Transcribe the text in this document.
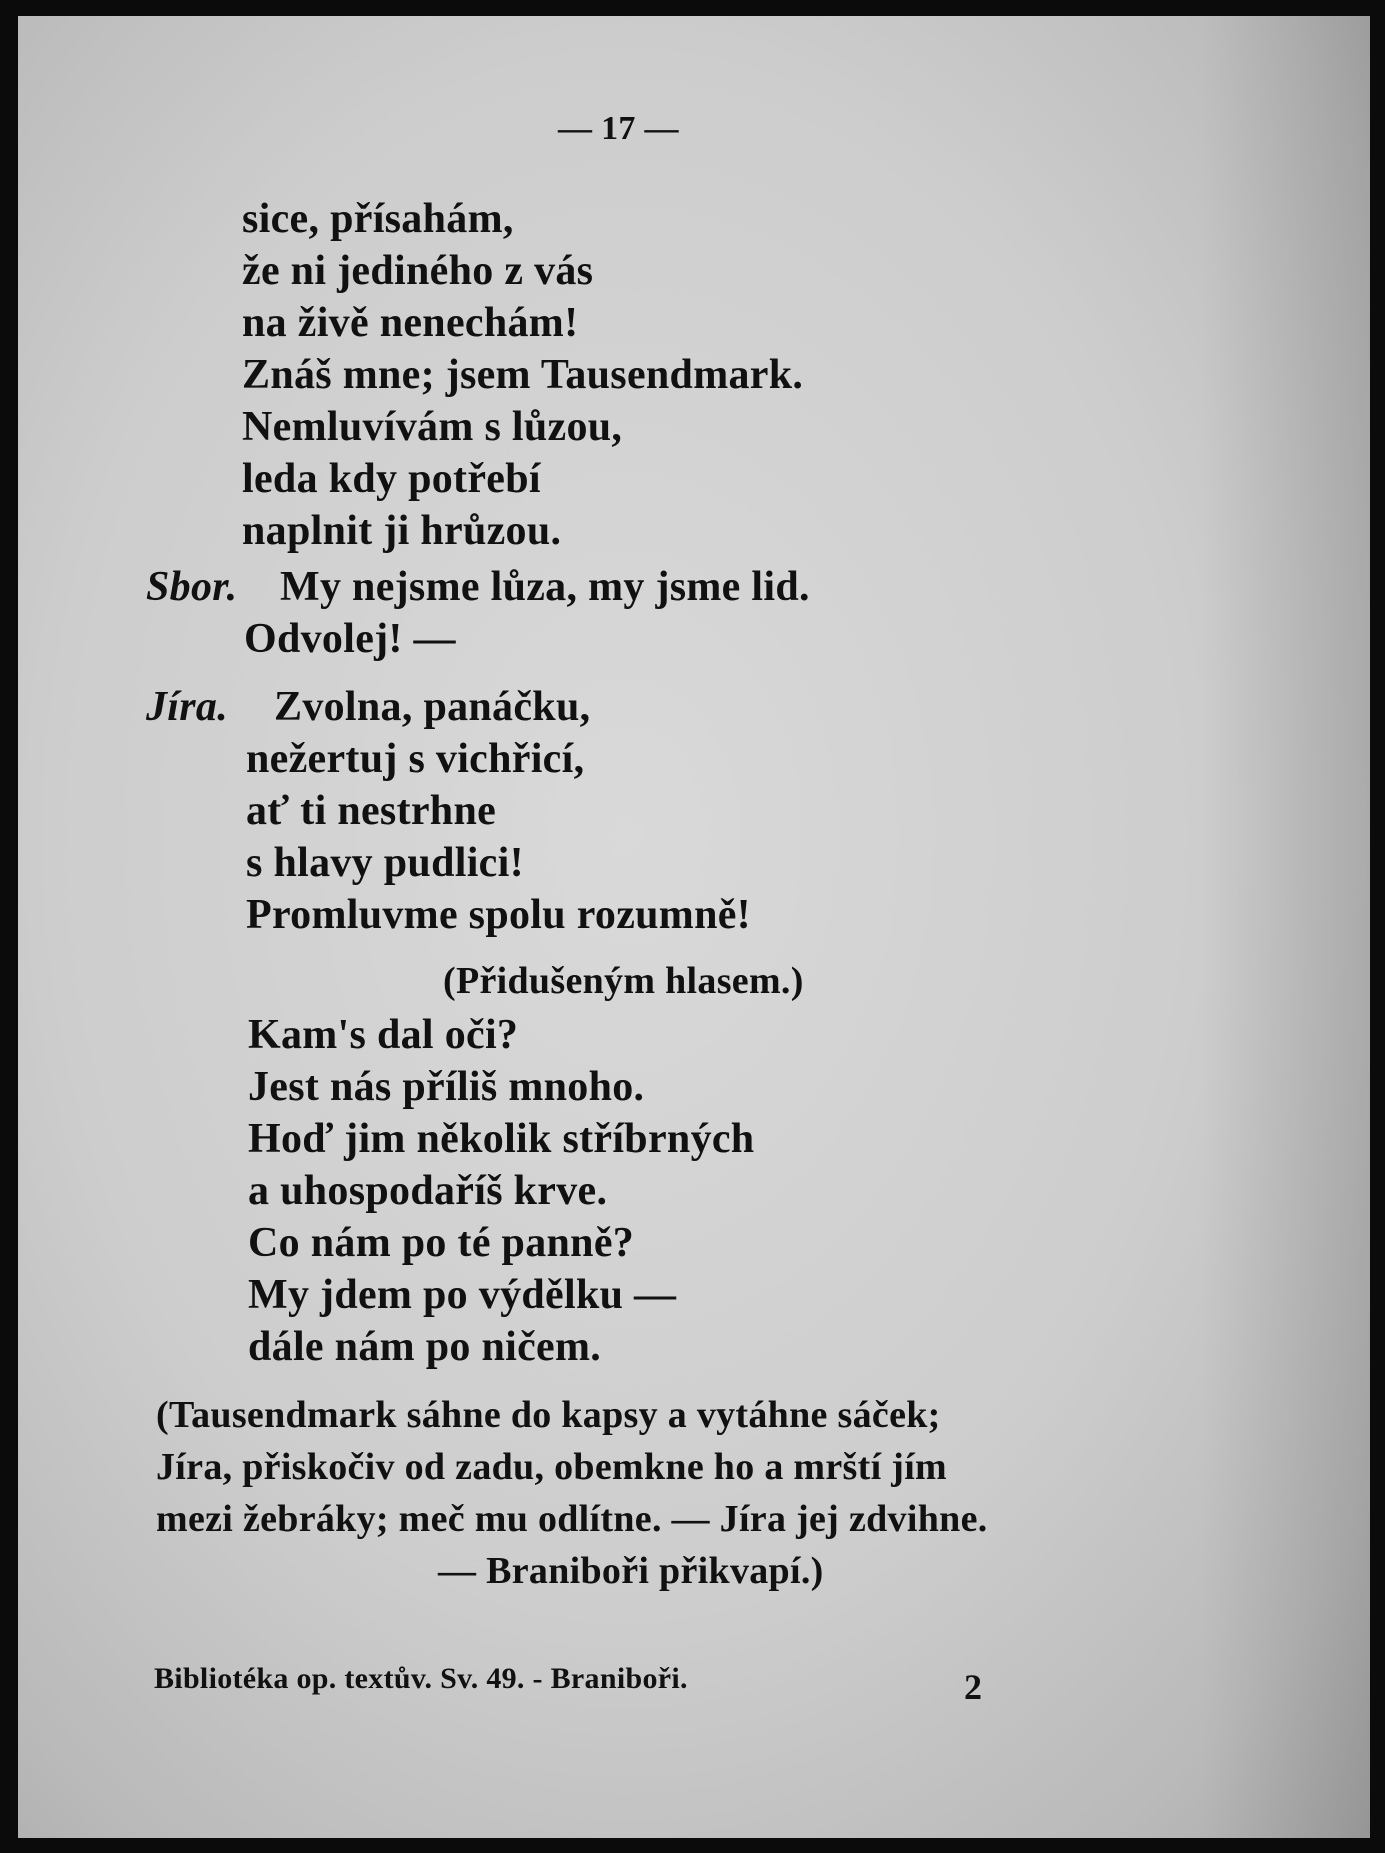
— 17 —
sice, přísahám,
že ni jediného z vás
na živě nenechám!
Znáš mne; jsem Tausendmark.
Nemluvívám s lůzou,
leda kdy potřebí
naplnit ji hrůzou.
Sbor. My nejsme lůza, my jsme lid.
Odvolej! —
Jíra. Zvolna, panáčku,
nežertuj s vichřicí,
ať ti nestrhne
s hlavy pudlici!
Promluvme spolu rozumně!
(Přidušeným hlasem.)
Kam's dal oči?
Jest nás příliš mnoho.
Hoď jim několik stříbrných
a uhospodaříš krve.
Co nám po té panně?
My jdem po výdělku —
dále nám po ničem.
(Tausendmark sáhne do kapsy a vytáhne sáček;
Jíra, přiskočiv od zadu, obemkne ho a mrští jím
mezi žebráky; meč mu odlítne. — Jíra jej zdvihne.
— Braniboři přikvapí.)
Bibliotéka op. textův. Sv. 49. - Braniboři.	2
